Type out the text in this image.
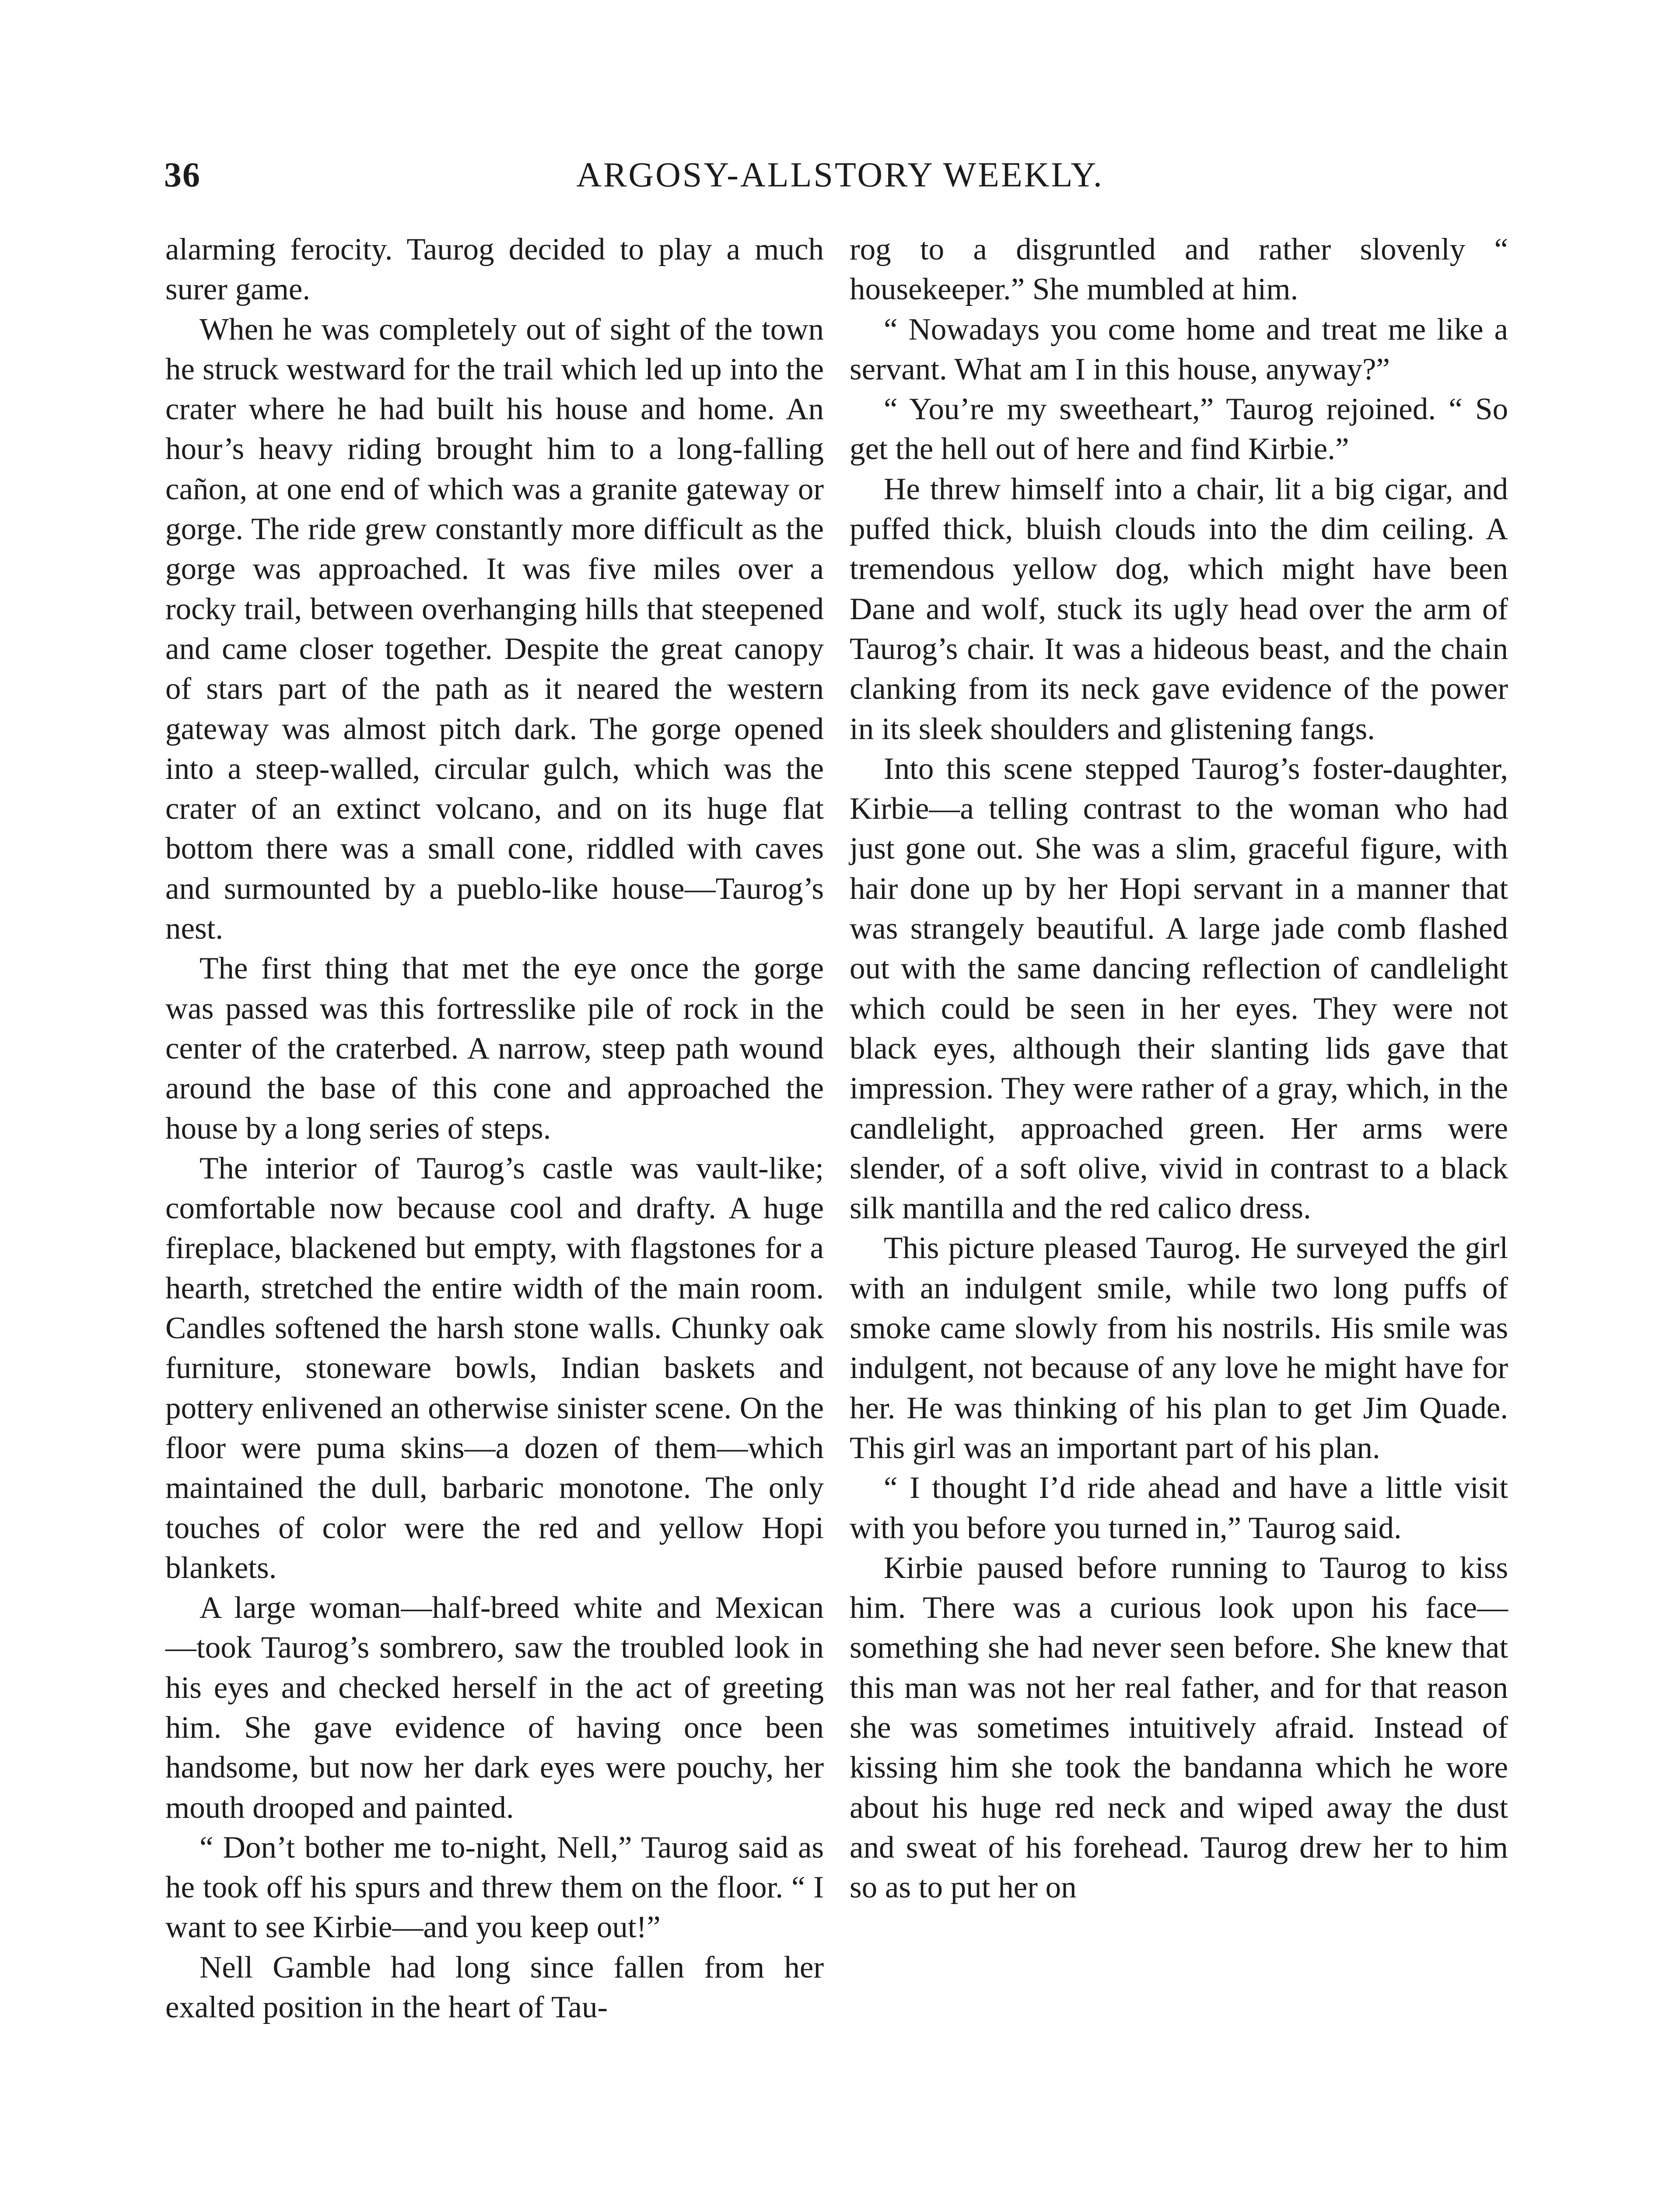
36	ARGOSY-ALLSTORY WEEKLY.

alarming ferocity. Taurog decided to play a much surer game.

When he was completely out of sight of the town he struck westward for the trail which led up into the crater where he had built his house and home. An hour’s heavy riding brought him to a long-falling cañon, at one end of which was a granite gateway or gorge. The ride grew constantly more difficult as the gorge was approached. It was five miles over a rocky trail, between overhanging hills that steepened and came closer together. Despite the great canopy of stars part of the path as it neared the western gateway was almost pitch dark. The gorge opened into a steep-walled, circular gulch, which was the crater of an extinct volcano, and on its huge flat bottom there was a small cone, riddled with caves and surmounted by a pueblo-like house—Taurog’s nest.

The first thing that met the eye once the gorge was passed was this fortresslike pile of rock in the center of the craterbed. A narrow, steep path wound around the base of this cone and approached the house by a long series of steps.

The interior of Taurog’s castle was vault-like; comfortable now because cool and drafty. A huge fireplace, blackened but empty, with flagstones for a hearth, stretched the entire width of the main room. Candles softened the harsh stone walls. Chunky oak furniture, stoneware bowls, Indian baskets and pottery enlivened an otherwise sinister scene. On the floor were puma skins—a dozen of them—which maintained the dull, barbaric monotone. The only touches of color were the red and yellow Hopi blankets.

A large woman—half-breed white and Mexican—took Taurog’s sombrero, saw the troubled look in his eyes and checked herself in the act of greeting him. She gave evidence of having once been handsome, but now her dark eyes were pouchy, her mouth drooped and painted.

“ Don’t bother me to-night, Nell,” Taurog said as he took off his spurs and threw them on the floor. “ I want to see Kirbie—and you keep out!”

Nell Gamble had long since fallen from her exalted position in the heart of Tau-

rog to a disgruntled and rather slovenly “ housekeeper.” She mumbled at him.

“ Nowadays you come home and treat me like a servant. What am I in this house, anyway?”

“ You’re my sweetheart,” Taurog rejoined. “ So get the hell out of here and find Kirbie.”

He threw himself into a chair, lit a big cigar, and puffed thick, bluish clouds into the dim ceiling. A tremendous yellow dog, which might have been Dane and wolf, stuck its ugly head over the arm of Taurog’s chair. It was a hideous beast, and the chain clanking from its neck gave evidence of the power in its sleek shoulders and glistening fangs.

Into this scene stepped Taurog’s foster-daughter, Kirbie—a telling contrast to the woman who had just gone out. She was a slim, graceful figure, with hair done up by her Hopi servant in a manner that was strangely beautiful. A large jade comb flashed out with the same dancing reflection of candlelight which could be seen in her eyes. They were not black eyes, although their slanting lids gave that impression. They were rather of a gray, which, in the candlelight, approached green. Her arms were slender, of a soft olive, vivid in contrast to a black silk mantilla and the red calico dress.

This picture pleased Taurog. He surveyed the girl with an indulgent smile, while two long puffs of smoke came slowly from his nostrils. His smile was indulgent, not because of any love he might have for her. He was thinking of his plan to get Jim Quade. This girl was an important part of his plan.

“ I thought I’d ride ahead and have a little visit with you before you turned in,” Taurog said.

Kirbie paused before running to Taurog to kiss him. There was a curious look upon his face—something she had never seen before. She knew that this man was not her real father, and for that reason she was sometimes intuitively afraid. Instead of kissing him she took the bandanna which he wore about his huge red neck and wiped away the dust and sweat of his forehead. Taurog drew her to him so as to put her on
